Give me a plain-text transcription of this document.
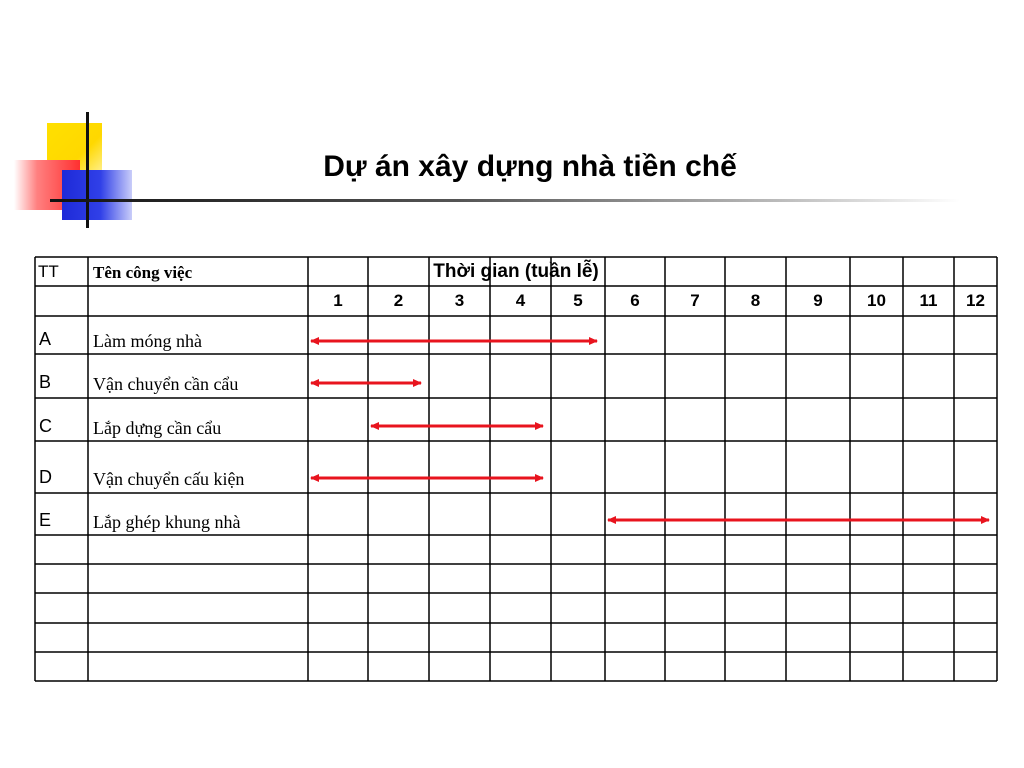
Dự án xây dựng nhà tiền chế
TT Tên công việc	Thời gian (tuần lễ)
1	2	3	4	5	6	7	8	9	10	11	12
A Làm móng nhà
B Vận chuyển cần cẩu
C Lắp dựng cần cẩu
D Vận chuyển cấu kiện
E Lắp ghép khung nhà
